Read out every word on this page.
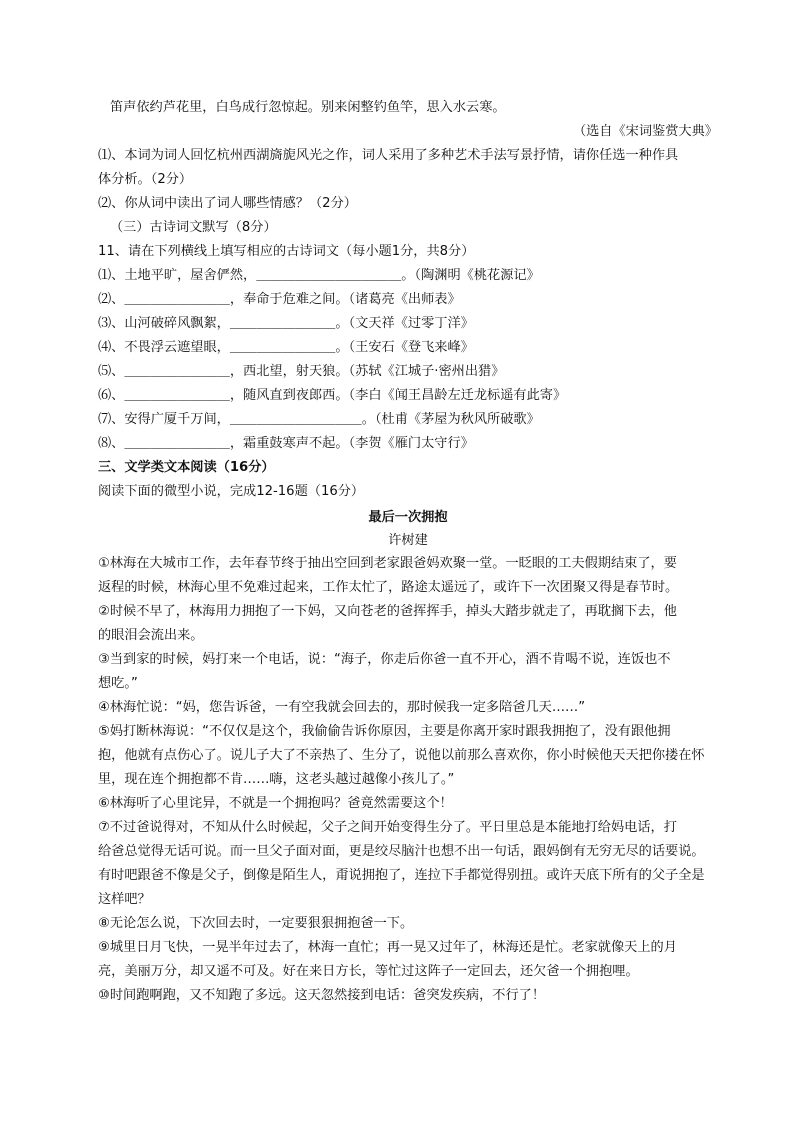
笛声依约芦花里，白鸟成行忽惊起。别来闲整钓鱼竿，思入水云寒。
（选自《宋词鉴赏大典》
⑴、本词为词人回忆杭州西湖旖旎风光之作，词人采用了多种艺术手法写景抒情，请你任选一种作具
体分析。（2分）
⑵、你从词中读出了词人哪些情感？（2分）
（三）古诗词文默写（8分）
11、请在下列横线上填写相应的古诗词文（每小题1分，共8分）
⑴、土地平旷，屋舍俨然，＿＿＿＿＿＿＿＿＿＿＿。（陶渊明《桃花源记》
⑵、＿＿＿＿＿＿＿＿，奉命于危难之间。（诸葛亮《出师表》
⑶、山河破碎风飘絮，＿＿＿＿＿＿＿＿。（文天祥《过零丁洋》
⑷、不畏浮云遮望眼，＿＿＿＿＿＿＿＿。（王安石《登飞来峰》
⑸、＿＿＿＿＿＿＿＿，西北望，射天狼。（苏轼《江城子·密州出猎》
⑹、＿＿＿＿＿＿＿＿，随风直到夜郎西。（李白《闻王昌龄左迁龙标遥有此寄》
⑺、安得广厦千万间，＿＿＿＿＿＿＿＿＿＿。（杜甫《茅屋为秋风所破歌》
⑻、＿＿＿＿＿＿＿＿，霜重鼓寒声不起。（李贺《雁门太守行》
三、文学类文本阅读（16分）
阅读下面的微型小说，完成12-16题（16分）
最后一次拥抱
许树建
①林海在大城市工作，去年春节终于抽出空回到老家跟爸妈欢聚一堂。一眨眼的工夫假期结束了，要
返程的时候，林海心里不免难过起来，工作太忙了，路途太遥远了，或许下一次团聚又得是春节时。
②时候不早了，林海用力拥抱了一下妈，又向苍老的爸挥挥手，掉头大踏步就走了，再耽搁下去，他
的眼泪会流出来。
③当到家的时候，妈打来一个电话，说：“海子，你走后你爸一直不开心，酒不肯喝不说，连饭也不
想吃。”
④林海忙说：“妈，您告诉爸，一有空我就会回去的，那时候我一定多陪爸几天……”
⑤妈打断林海说：“不仅仅是这个，我偷偷告诉你原因，主要是你离开家时跟我拥抱了，没有跟他拥
抱，他就有点伤心了。说儿子大了不亲热了、生分了，说他以前那么喜欢你，你小时候他天天把你搂在怀
里，现在连个拥抱都不肯……嗨，这老头越过越像小孩儿了。”
⑥林海听了心里诧异，不就是一个拥抱吗？爸竟然需要这个！
⑦不过爸说得对，不知从什么时候起，父子之间开始变得生分了。平日里总是本能地打给妈电话，打
给爸总觉得无话可说。而一旦父子面对面，更是绞尽脑汁也想不出一句话，跟妈倒有无穷无尽的话要说。
有时吧跟爸不像是父子，倒像是陌生人，甭说拥抱了，连拉下手都觉得别扭。或许天底下所有的父子全是
这样吧？
⑧无论怎么说，下次回去时，一定要狠狠拥抱爸一下。
⑨城里日月飞快，一晃半年过去了，林海一直忙；再一晃又过年了，林海还是忙。老家就像天上的月
亮，美丽万分，却又遥不可及。好在来日方长，等忙过这阵子一定回去，还欠爸一个拥抱哩。
⑩时间跑啊跑，又不知跑了多远。这天忽然接到电话：爸突发疾病，不行了！
